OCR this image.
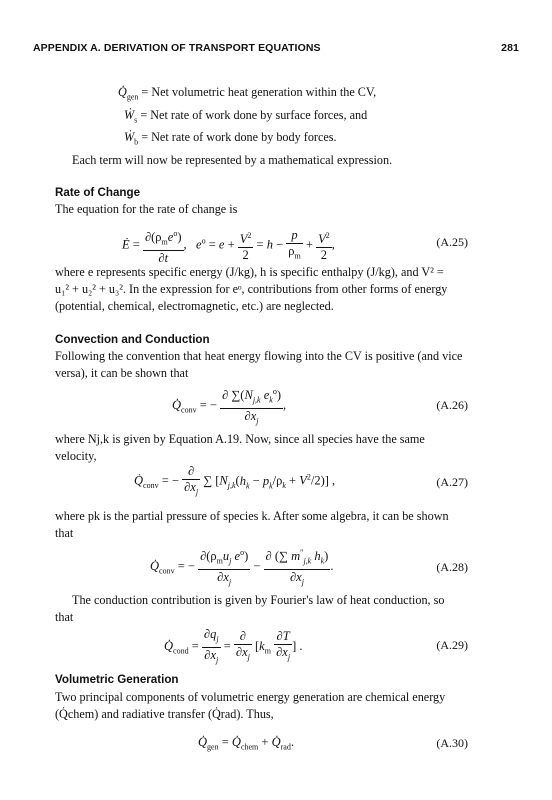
APPENDIX A. DERIVATION OF TRANSPORT EQUATIONS	281
$Q̇_{gen}$ = Net volumetric heat generation within the CV,
Ẇ$_s$ = Net rate of work done by surface forces, and
Ẇ$_b$ = Net rate of work done by body forces.
Each term will now be represented by a mathematical expression.
Rate of Change
The equation for the rate of change is
Ė = $\frac{\partial(\rho_me^o)}{\partial t}$ ,   $e^o = e + \frac{V^2}{2} = h - \frac{p}{\rho_m} + \frac{V^2}{2}$ ,	(A.25)
where e represents specific energy (J/kg), h is specific enthalpy (J/kg), and V² =
u₁² + u₂² + u₃². In the expression for eᵒ, contributions from other forms of energy
(potential, chemical, electromagnetic, etc.) are neglected.
Convection and Conduction
Following the convention that heat energy flowing into the CV is positive (and vice
versa), it can be shown that
$Q̇_{conv}$ = − $\frac{\partial \sum(N_{j,k} e_k^o)}{\partial x_j}$ ,	(A.26)
where Nj,k is given by Equation A.19. Now, since all species have the same
velocity,
$Q̇_{conv}$ = − $\frac{\partial}{\partial x_j}$ ∑ $[N_{j,k}(h_k - p_k/\rho_k + V^2/2)]$ ,	(A.27)
where pk is the partial pressure of species k. After some algebra, it can be shown
that
$Q̇_{conv}$ = − $\frac{\partial(\rho_mu_j e^o)}{\partial x_j} - \frac{\partial (\sum m''_{j,k} h_k)}{\partial x_j}$ .	(A.28)
The conduction contribution is given by Fourier's law of heat conduction, so
that
$Q̇_{cond} = \frac{\partial q_j}{\partial x_j} = \frac{\partial}{\partial x_j} [k_m \frac{\partial T}{\partial x_j}$ ] .	(A.29)
Volumetric Generation
Two principal components of volumetric energy generation are chemical energy
(Q̇chem) and radiative transfer (Q̇rad). Thus,
$Q̇_{gen}$ = $Q̇_{chem}$ + $Q̇_{rad}$.	(A.30)
